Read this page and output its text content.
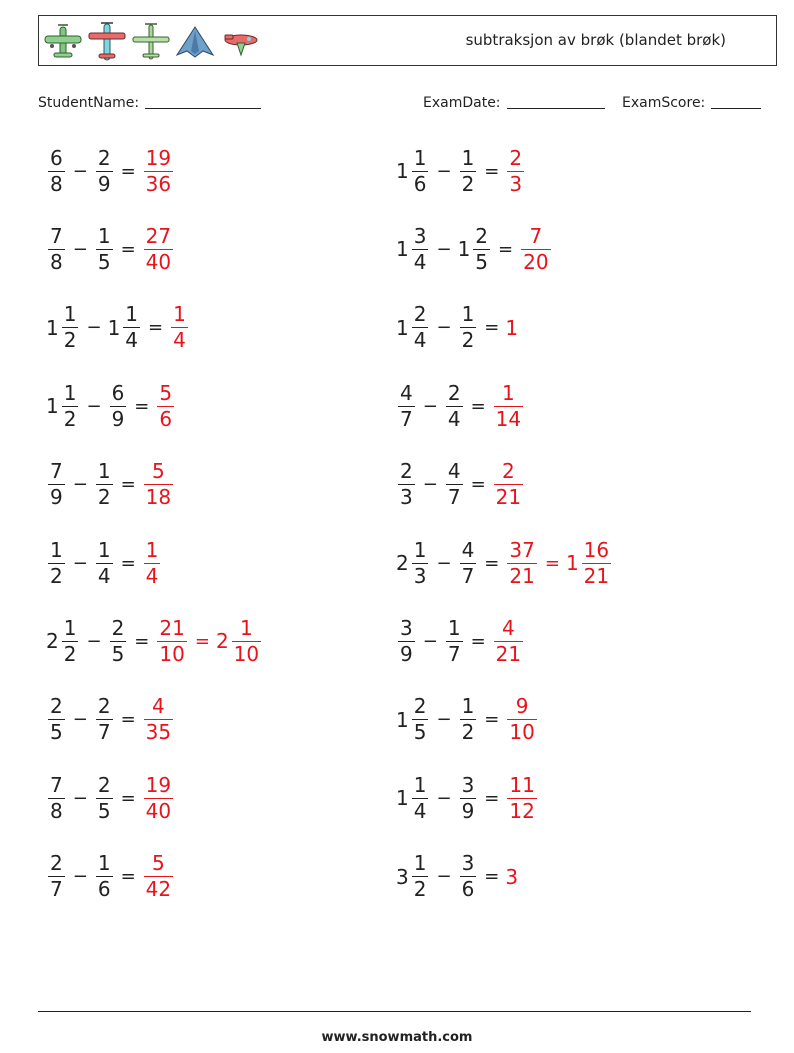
subtraksjon av brøk (blandet brøk)
StudentName:	ExamDate:	ExamScore:
$\frac{6}{8} - \frac{2}{9} = \frac{19}{36}$
$\frac{7}{8} - \frac{1}{5} = \frac{27}{40}$
$1 \frac{1}{2} - 1 \frac{1}{4} = \frac{1}{4}$
$1 \frac{1}{2} - \frac{6}{9} = \frac{5}{6}$
$\frac{7}{9} - \frac{1}{2} = \frac{5}{18}$
$\frac{1}{2} - \frac{1}{4} = \frac{1}{4}$
$2 \frac{1}{2} - \frac{2}{5} = \frac{21}{10} = 2 \frac{1}{10}$
$\frac{2}{5} - \frac{2}{7} = \frac{4}{35}$
$\frac{7}{8} - \frac{2}{5} = \frac{19}{40}$
$\frac{2}{7} - \frac{1}{6} = \frac{5}{42}$
$1 \frac{1}{6} - \frac{1}{2} = \frac{2}{3}$
$1 \frac{3}{4} - 1 \frac{2}{5} = \frac{7}{20}$
$1 \frac{2}{4} - \frac{1}{2} = 1$
$\frac{4}{7} - \frac{2}{4} = \frac{1}{14}$
$\frac{2}{3} - \frac{4}{7} = \frac{2}{21}$
$2 \frac{1}{3} - \frac{4}{7} = \frac{37}{21} = 1 \frac{16}{21}$
$\frac{3}{9} - \frac{1}{7} = \frac{4}{21}$
$1 \frac{2}{5} - \frac{1}{2} = \frac{9}{10}$
$1 \frac{1}{4} - \frac{3}{9} = \frac{11}{12}$
$3 \frac{1}{2} - \frac{3}{6} = 3$
www.snowmath.com
